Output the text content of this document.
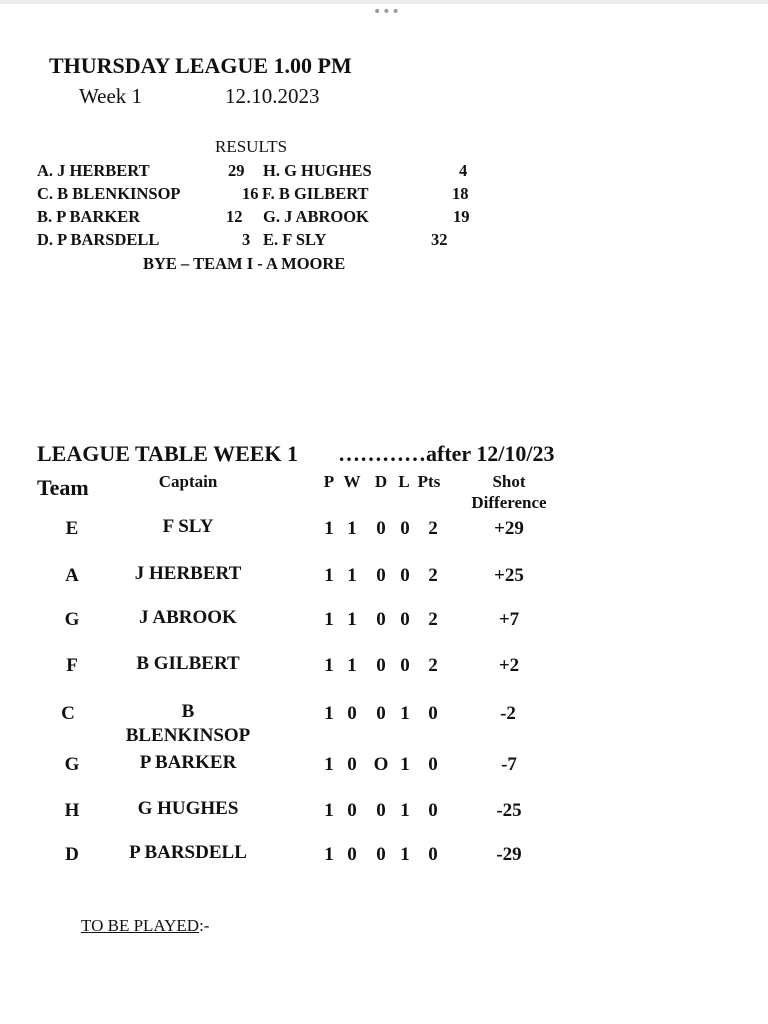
•••
THURSDAY LEAGUE 1.00 PM
Week 1	12.10.2023
RESULTS
A. J HERBERT	29 H. G HUGHES	4
C. B BLENKINSOP	16 F. B GILBERT	18
B. P BARKER	12 G. J ABROOK	19
D. P BARSDELL	3 E. F SLY	32
BYE – TEAM I - A MOORE
LEAGUE TABLE WEEK 1 …………after 12/10/23
Team	Captain	P W D L Pts	Shot
Difference
E	F SLY	1 1 0 0 2	+29
A	J HERBERT	1 1 0 0 2	+25
G	J ABROOK	1 1 0 0 2	+7
F	B GILBERT	1 1 0 0 2	+2
C	B
BLENKINSOP
1 0 0 1 0	-2
G	P BARKER	1 0 O 1 0	-7
H	G HUGHES	1 0 0 1 0	-25
D	P BARSDELL	1 0 0 1 0	-29
TO BE PLAYED:-
